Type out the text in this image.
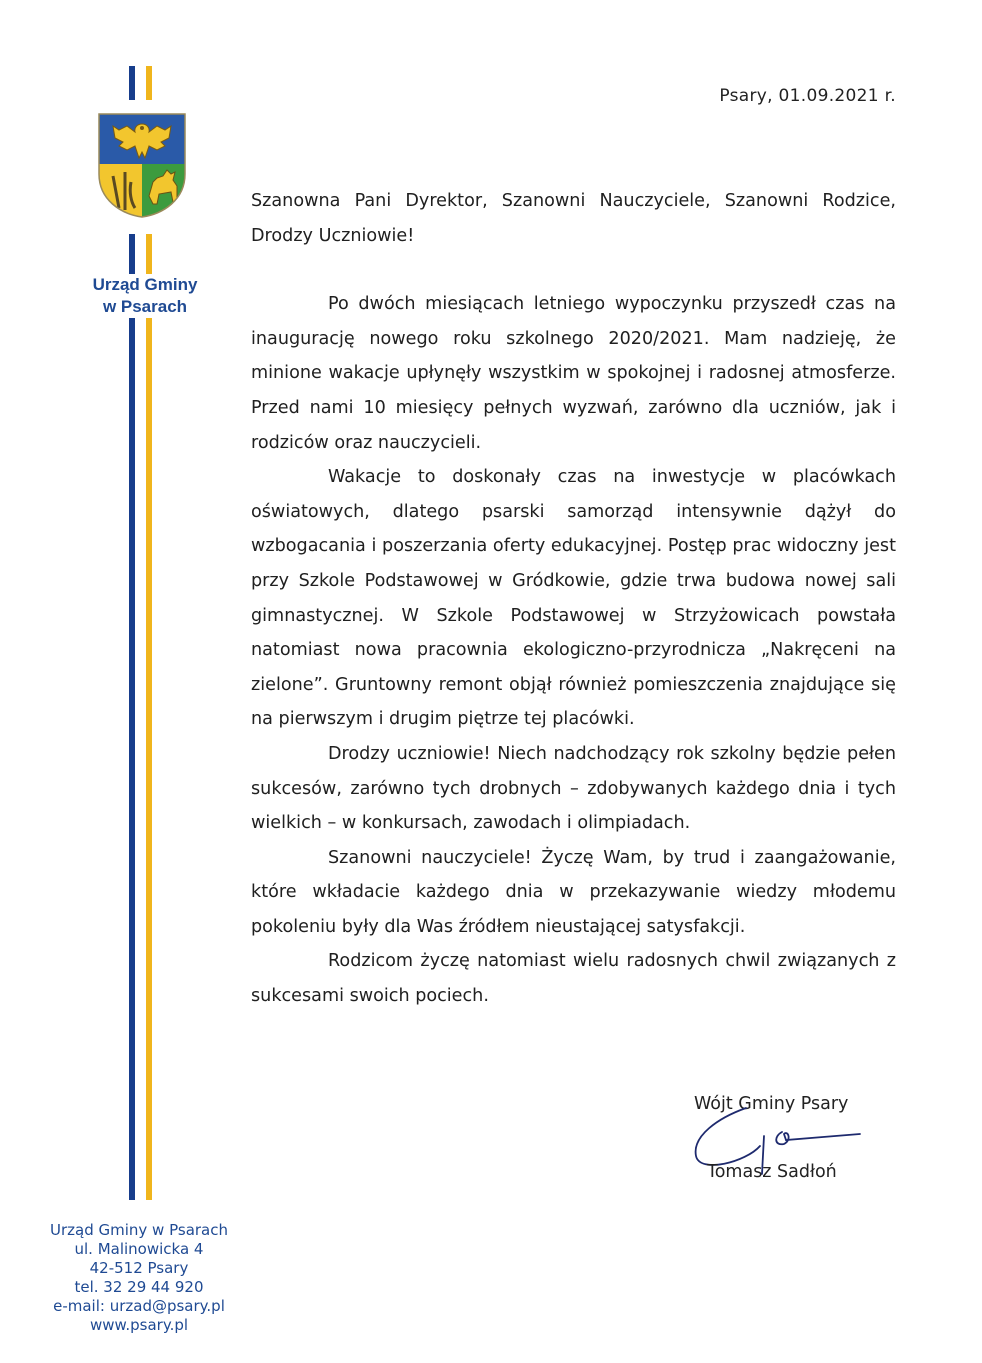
Urząd Gminy
w Psarach
Psary, 01.09.2021 r.

Szanowna Pani Dyrektor, Szanowni Nauczyciele, Szanowni Rodzice, Drodzy Uczniowie!

Po dwóch miesiącach letniego wypoczynku przyszedł czas na inaugurację nowego roku szkolnego 2020/2021. Mam nadzieję, że minione wakacje upłynęły wszystkim w spokojnej i radosnej atmosferze. Przed nami 10 miesięcy pełnych wyzwań, zarówno dla uczniów, jak i rodziców oraz nauczycieli.

Wakacje to doskonały czas na inwestycje w placówkach oświatowych, dlatego psarski samorząd intensywnie dążył do wzbogacania i poszerzania oferty edukacyjnej. Postęp prac widoczny jest przy Szkole Podstawowej w Gródkowie, gdzie trwa budowa nowej sali gimnastycznej. W Szkole Podstawowej w Strzyżowicach powstała natomiast nowa pracownia ekologiczno-przyrodnicza „Nakręceni na zielone”. Gruntowny remont objął również pomieszczenia znajdujące się na pierwszym i drugim piętrze tej placówki.

Drodzy uczniowie! Niech nadchodzący rok szkolny będzie pełen sukcesów, zarówno tych drobnych – zdobywanych każdego dnia i tych wielkich – w konkursach, zawodach i olimpiadach.

Szanowni nauczyciele! Życzę Wam, by trud i zaangażowanie, które wkładacie każdego dnia w przekazywanie wiedzy młodemu pokoleniu były dla Was źródłem nieustającej satysfakcji.

Rodzicom życzę natomiast wielu radosnych chwil związanych z sukcesami swoich pociech.

Wójt Gminy Psary
Tomasz Sadłoń
Urząd Gminy w Psarach
ul. Malinowicka 4
42-512 Psary
tel. 32 29 44 920
e-mail: urzad@psary.pl
www.psary.pl
